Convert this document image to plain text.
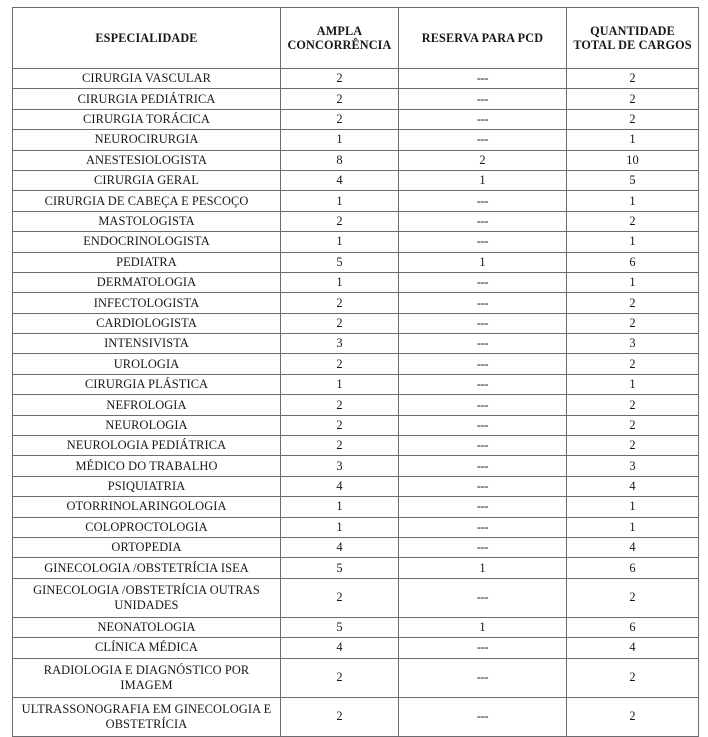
ESPECIALIDADE	AMPLA CONCORRÊNCIA	RESERVA PARA PCD	QUANTIDADE TOTAL DE CARGOS
CIRURGIA VASCULAR	2	---	2
CIRURGIA PEDIÁTRICA	2	---	2
CIRURGIA TORÁCICA	2	---	2
NEUROCIRURGIA	1	---	1
ANESTESIOLOGISTA	8	2	10
CIRURGIA GERAL	4	1	5
CIRURGIA DE CABEÇA E PESCOÇO	1	---	1
MASTOLOGISTA	2	---	2
ENDOCRINOLOGISTA	1	---	1
PEDIATRA	5	1	6
DERMATOLOGIA	1	---	1
INFECTOLOGISTA	2	---	2
CARDIOLOGISTA	2	---	2
INTENSIVISTA	3	---	3
UROLOGIA	2	---	2
CIRURGIA PLÁSTICA	1	---	1
NEFROLOGIA	2	---	2
NEUROLOGIA	2	---	2
NEUROLOGIA PEDIÁTRICA	2	---	2
MÉDICO DO TRABALHO	3	---	3
PSIQUIATRIA	4	---	4
OTORRINOLARINGOLOGIA	1	---	1
COLOPROCTOLOGIA	1	---	1
ORTOPEDIA	4	---	4
GINECOLOGIA /OBSTETRÍCIA ISEA	5	1	6
GINECOLOGIA /OBSTETRÍCIA OUTRAS UNIDADES	2	---	2
NEONATOLOGIA	5	1	6
CLÍNICA MÉDICA	4	---	4
RADIOLOGIA E DIAGNÓSTICO POR IMAGEM	2	---	2
ULTRASSONOGRAFIA EM GINECOLOGIA E OBSTETRÍCIA	2	---	2
